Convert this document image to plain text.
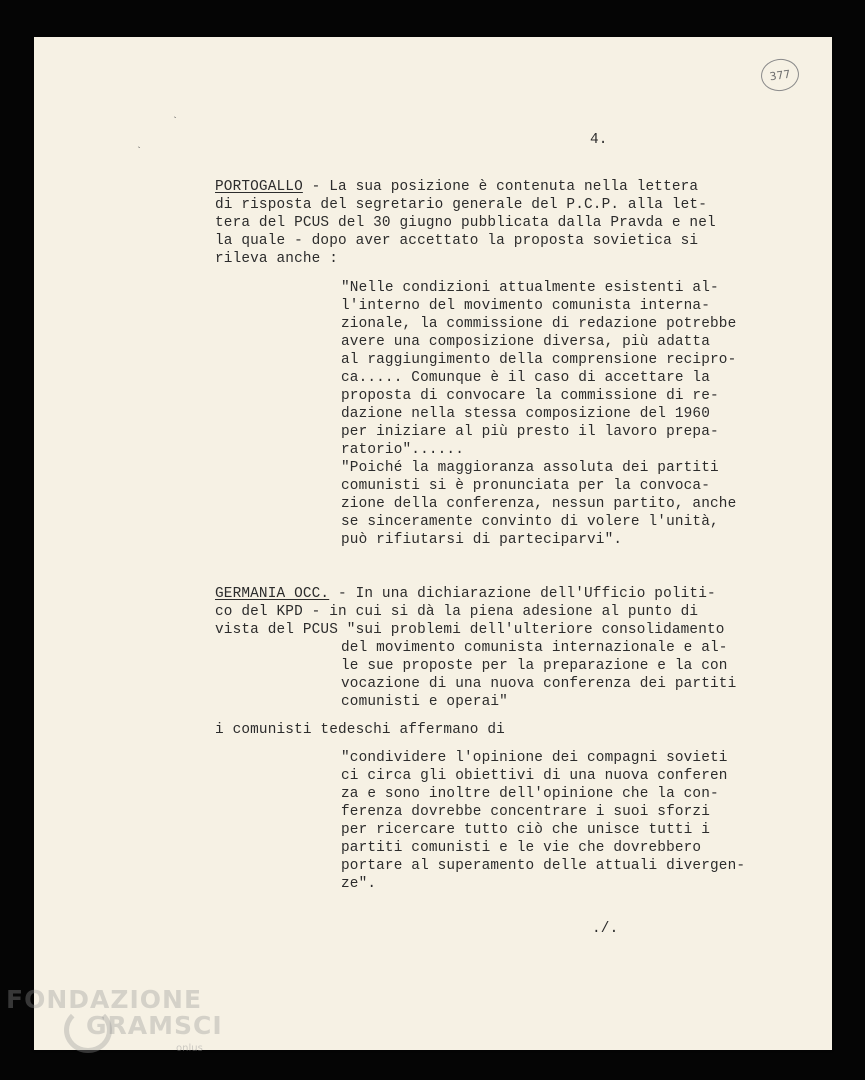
377
`
`
4.
PORTOGALLO - La sua posizione è contenuta nella lettera
di risposta del segretario generale del P.C.P. alla let-
tera del PCUS del 30 giugno pubblicata dalla Pravda e nel
la quale - dopo aver accettato la proposta sovietica si
rileva anche :
"Nelle condizioni attualmente esistenti al-
l'interno del movimento comunista interna-
zionale, la commissione di redazione potrebbe
avere una composizione diversa, più adatta
al raggiungimento della comprensione recipro-
ca..... Comunque è il caso di accettare la
proposta di convocare la commissione di re-
dazione nella stessa composizione del 1960
per iniziare al più presto il lavoro prepa-
ratorio"......
"Poiché la maggioranza assoluta dei partiti
comunisti si è pronunciata per la convoca-
zione della conferenza, nessun partito, anche
se sinceramente convinto di volere l'unità,
può rifiutarsi di parteciparvi".
GERMANIA OCC. - In una dichiarazione dell'Ufficio politi-
co del KPD - in cui si dà la piena adesione al punto di
vista del PCUS "sui problemi dell'ulteriore consolidamento
del movimento comunista internazionale e al-
le sue proposte per la preparazione e la con
vocazione di una nuova conferenza dei partiti
comunisti e operai"
i comunisti tedeschi affermano di
"condividere l'opinione dei compagni sovieti
ci circa gli obiettivi di una nuova conferen
za e sono inoltre dell'opinione che la con-
ferenza dovrebbe concentrare i suoi sforzi
per ricercare tutto ciò che unisce tutti i
partiti comunisti e le vie che dovrebbero
portare al superamento delle attuali divergen-
ze".
./.
FONDAZIONE
GRAMSCI
onlus
